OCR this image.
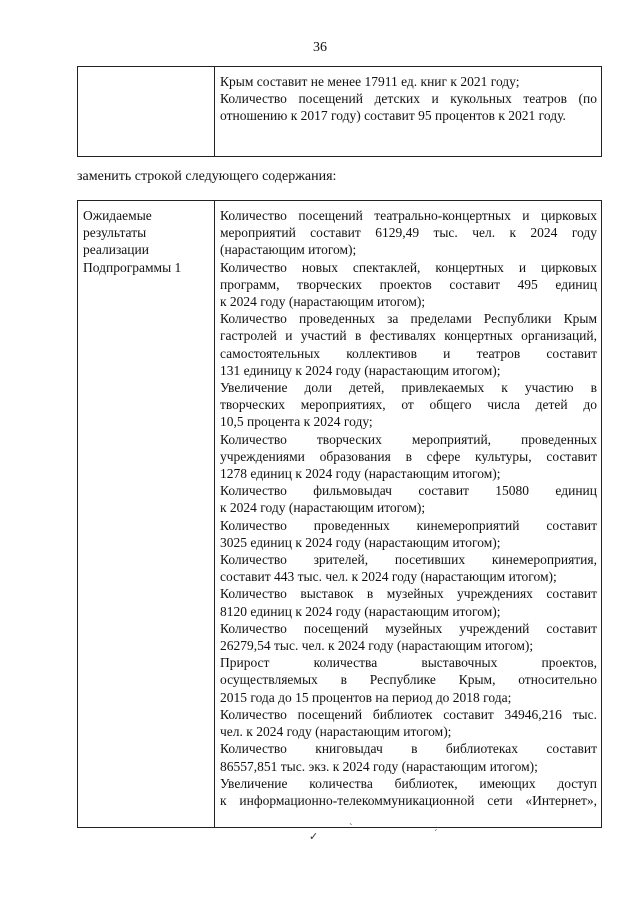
36

Крым составит не менее 17911 ед. книг к 2021 году;
Количество посещений детских и кукольных театров (по
отношению к 2017 году) составит 95 процентов к 2021 году.
заменить строкой следующего содержания:
Ожидаемые
результаты
реализации
Подпрограммы 1

Количество посещений театрально-концертных и цирковых
мероприятий составит 6129,49 тыс. чел. к 2024 году
(нарастающим итогом);
Количество новых спектаклей, концертных и цирковых
программ, творческих проектов составит 495 единиц
к 2024 году (нарастающим итогом);
Количество проведенных за пределами Республики Крым
гастролей и участий в фестивалях концертных организаций,
самостоятельных коллективов и театров составит
131 единицу к 2024 году (нарастающим итогом);
Увеличение доли детей, привлекаемых к участию в
творческих мероприятиях, от общего числа детей до
10,5 процента к 2024 году;
Количество творческих мероприятий, проведенных
учреждениями образования в сфере культуры, составит
1278 единиц к 2024 году (нарастающим итогом);
Количество фильмовыдач составит 15080 единиц
к 2024 году (нарастающим итогом);
Количество проведенных кинемероприятий составит
3025 единиц к 2024 году (нарастающим итогом);
Количество зрителей, посетивших кинемероприятия,
составит 443 тыс. чел. к 2024 году (нарастающим итогом);
Количество выставок в музейных учреждениях составит
8120 единиц к 2024 году (нарастающим итогом);
Количество посещений музейных учреждений составит
26279,54 тыс. чел. к 2024 году (нарастающим итогом);
Прирост количества выставочных проектов,
осуществляемых в Республике Крым, относительно
2015 года до 15 процентов на период до 2018 года;
Количество посещений библиотек составит 34946,216 тыс.
чел. к 2024 году (нарастающим итогом);
Количество книговыдач в библиотеках составит
86557,851 тыс. экз. к 2024 году (нарастающим итогом);
Увеличение количества библиотек, имеющих доступ
к информационно-телекоммуникационной сети «Интернет»,
✓
ˋ	ˊ
